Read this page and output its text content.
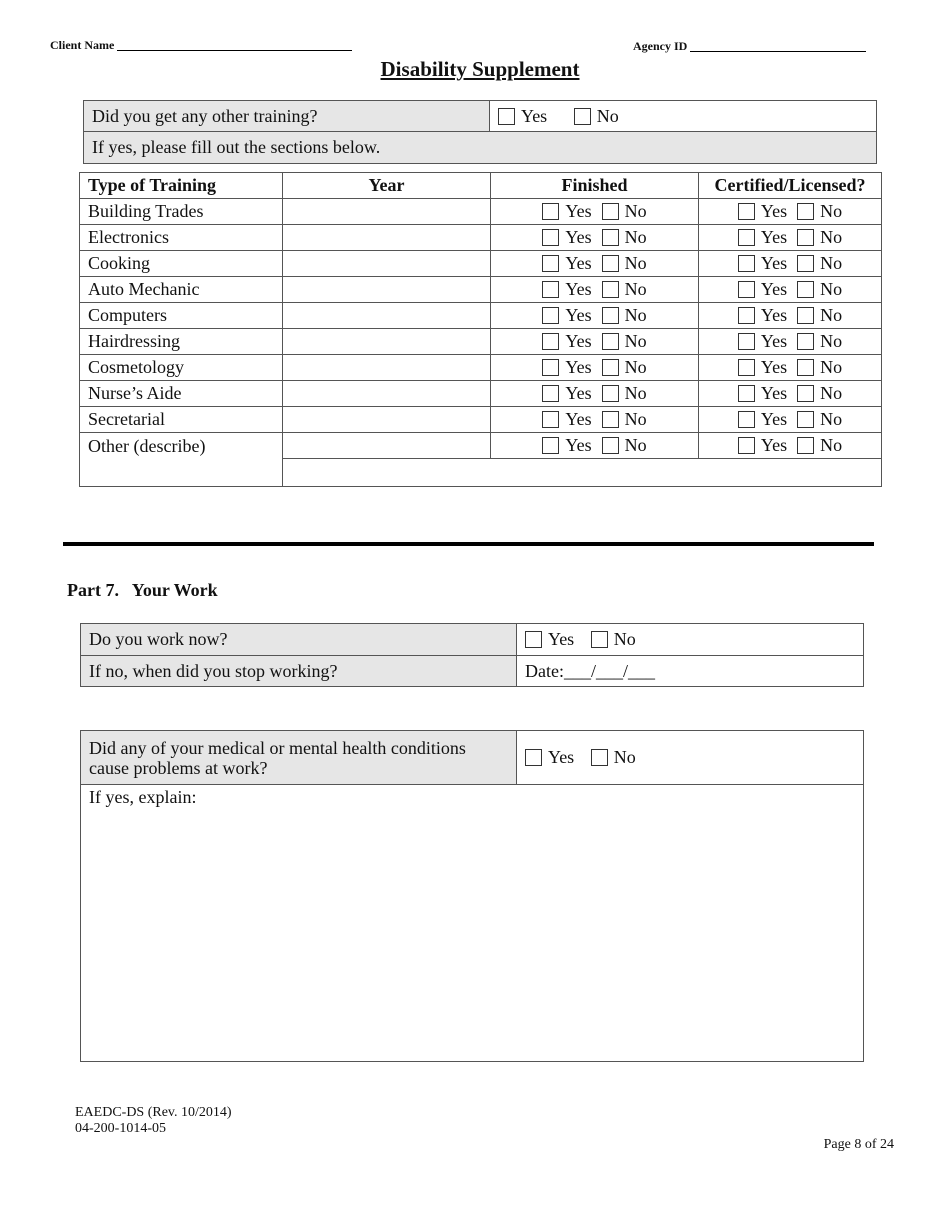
Client Name	Agency ID
Disability Supplement
Did you get any other training?	Yes	No
If yes, please fill out the sections below.
Type of Training	Year	Finished	Certified/Licensed?
Building Trades		Yes No	Yes No
Electronics		Yes No	Yes No
Cooking		Yes No	Yes No
Auto Mechanic		Yes No	Yes No
Computers		Yes No	Yes No
Hairdressing		Yes No	Yes No
Cosmetology		Yes No	Yes No
Nurse’s Aide		Yes No	Yes No
Secretarial		Yes No	Yes No
Other (describe)		Yes No	Yes No

Part 7.   Your Work
Do you work now?	Yes No
If no, when did you stop working?	Date:___/___/___
Did any of your medical or mental health conditions cause problems at work?	Yes No
If yes, explain:
EAEDC-DS (Rev. 10/2014)
04-200-1014-05
Page 8 of 24
